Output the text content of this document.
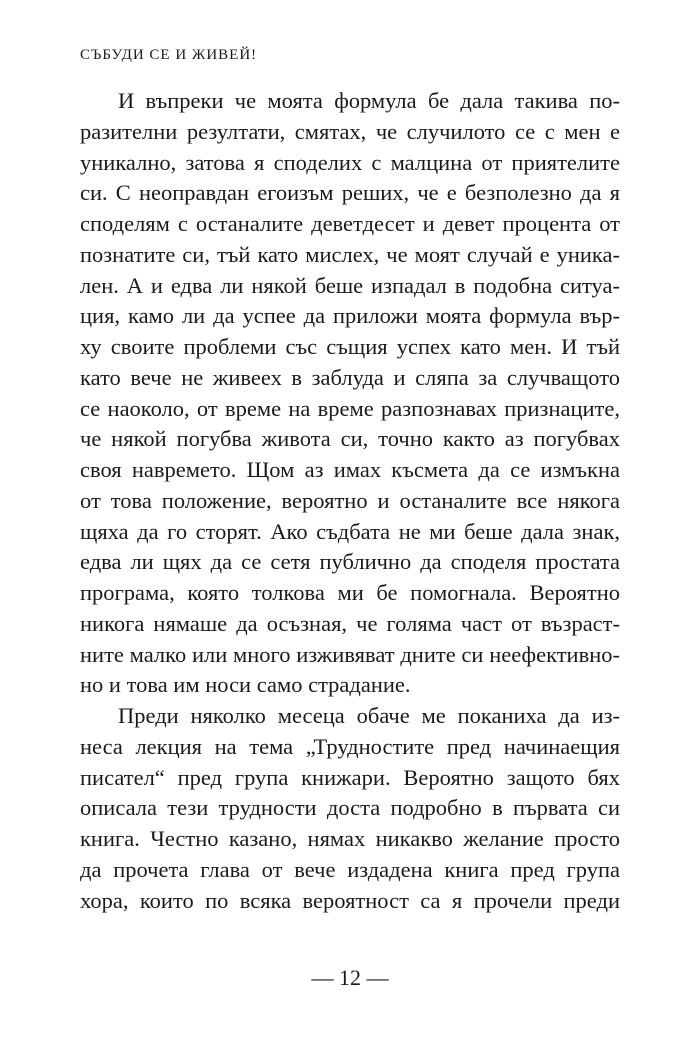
СЪБУДИ СЕ И ЖИВЕЙ!
И въпреки че моята формула бе дала такива по-
разителни резултати, смятах, че случилото се с мен е
уникално, затова я споделих с малцина от приятелите
си. С неоправдан егоизъм реших, че е безполезно да я
споделям с останалите деветдесет и девет процента от
познатите си, тъй като мислех, че моят случай е уника-
лен. А и едва ли някой беше изпадал в подобна ситуа-
ция, камо ли да успее да приложи моята формула вър-
ху своите проблеми със същия успех като мен. И тъй
като вече не живеех в заблуда и сляпа за случващото
се наоколо, от време на време разпознавах признаците,
че някой погубва живота си, точно както аз погубвах
своя навремето. Щом аз имах късмета да се измъкна
от това положение, вероятно и останалите все някога
щяха да го сторят. Ако съдбата не ми беше дала знак,
едва ли щях да се сетя публично да споделя простата
програма, която толкова ми бе помогнала. Вероятно
никога нямаше да осъзная, че голяма част от възраст-
ните малко или много изживяват дните си неефективно-
но и това им носи само страдание.
Преди няколко месеца обаче ме поканиха да из-
неса лекция на тема „Трудностите пред начинаещия
писател“ пред група книжари. Вероятно защото бях
описала тези трудности доста подробно в първата си
книга. Честно казано, нямах никакво желание просто
да прочета глава от вече издадена книга пред група
хора, които по всяка вероятност са я прочели преди
— 12 —
